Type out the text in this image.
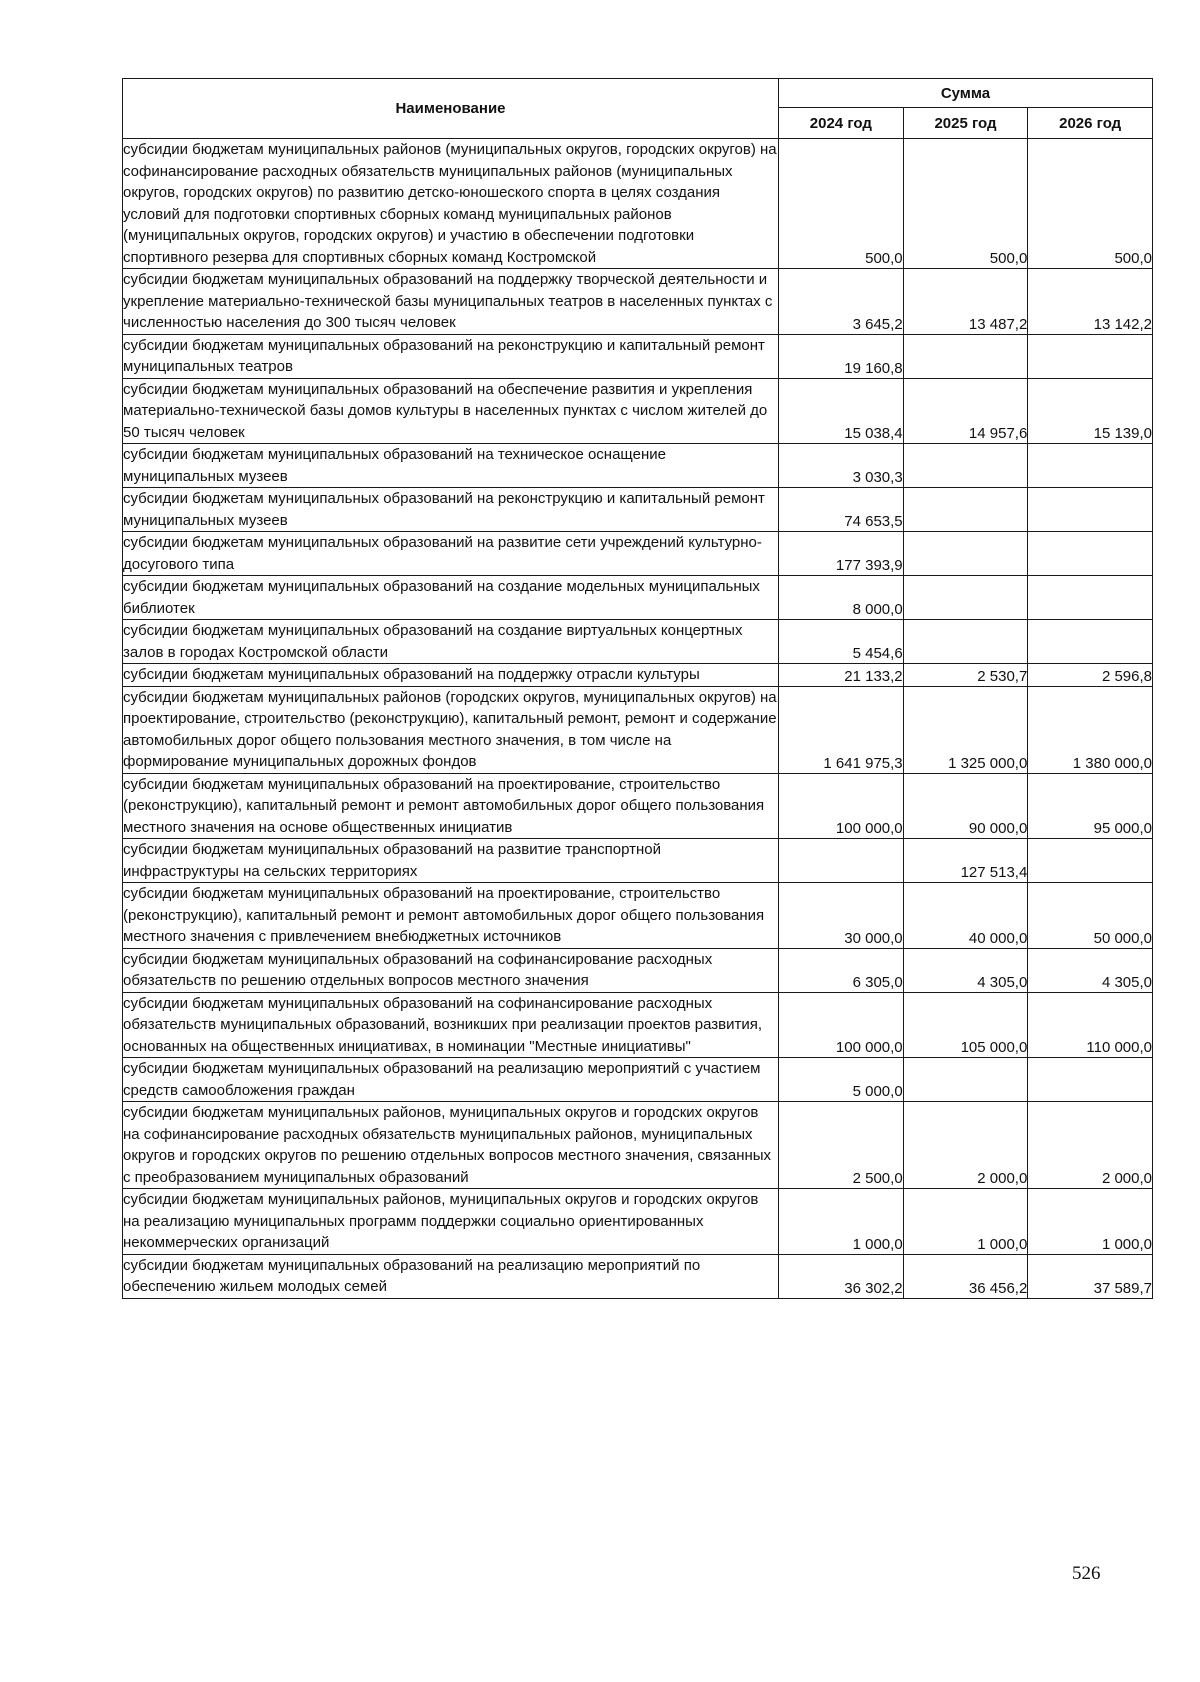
Наименование	Сумма		
	2024 год	2025 год	2026 год
субсидии бюджетам муниципальных районов (муниципальных округов, городских округов) на софинансирование расходных обязательств муниципальных районов (муниципальных округов, городских округов) по развитию детско-юношеского спорта в целях создания условий для подготовки спортивных сборных команд муниципальных районов (муниципальных округов, городских округов) и участию в обеспечении подготовки спортивного резерва для спортивных сборных команд Костромской	500,0	500,0	500,0
субсидии бюджетам муниципальных образований на поддержку творческой деятельности и укрепление материально-технической базы муниципальных театров в населенных пунктах с численностью населения до 300 тысяч человек	3 645,2	13 487,2	13 142,2
субсидии бюджетам муниципальных образований на реконструкцию и капитальный ремонт муниципальных театров	19 160,8		
субсидии бюджетам муниципальных образований на обеспечение развития и укрепления материально-технической базы домов культуры в населенных пунктах с числом жителей до 50 тысяч человек	15 038,4	14 957,6	15 139,0
субсидии бюджетам муниципальных образований на техническое оснащение муниципальных музеев	3 030,3		
субсидии бюджетам муниципальных образований на реконструкцию и капитальный ремонт муниципальных музеев	74 653,5		
субсидии бюджетам муниципальных образований на развитие сети учреждений культурно-досугового типа	177 393,9		
субсидии бюджетам муниципальных образований на создание модельных муниципальных библиотек	8 000,0		
субсидии бюджетам муниципальных образований на создание виртуальных концертных залов в городах Костромской области	5 454,6		
субсидии бюджетам муниципальных образований на поддержку отрасли культуры	21 133,2	2 530,7	2 596,8
субсидии бюджетам муниципальных районов (городских округов, муниципальных округов) на проектирование, строительство (реконструкцию), капитальный ремонт, ремонт и содержание автомобильных дорог общего пользования местного значения, в том числе на формирование муниципальных дорожных фондов	1 641 975,3	1 325 000,0	1 380 000,0
субсидии бюджетам муниципальных образований на проектирование, строительство (реконструкцию), капитальный ремонт и ремонт автомобильных дорог общего пользования местного значения на основе общественных инициатив	100 000,0	90 000,0	95 000,0
субсидии бюджетам муниципальных образований на развитие транспортной инфраструктуры на сельских территориях		127 513,4	
субсидии бюджетам муниципальных образований на проектирование, строительство (реконструкцию), капитальный ремонт и ремонт автомобильных дорог общего пользования местного значения с привлечением внебюджетных источников	30 000,0	40 000,0	50 000,0
субсидии бюджетам муниципальных образований на софинансирование расходных обязательств по решению отдельных вопросов местного значения	6 305,0	4 305,0	4 305,0
субсидии бюджетам муниципальных образований на софинансирование расходных обязательств муниципальных образований, возникших при реализации проектов развития, основанных на общественных инициативах, в номинации "Местные инициативы"	100 000,0	105 000,0	110 000,0
субсидии бюджетам муниципальных образований на реализацию мероприятий с участием средств самообложения граждан	5 000,0		
субсидии бюджетам муниципальных районов, муниципальных округов и городских округов на софинансирование расходных обязательств муниципальных районов, муниципальных округов и городских округов по решению отдельных вопросов местного значения, связанных с преобразованием муниципальных образований	2 500,0	2 000,0	2 000,0
субсидии бюджетам муниципальных районов, муниципальных округов и городских округов на реализацию муниципальных программ поддержки социально ориентированных некоммерческих организаций	1 000,0	1 000,0	1 000,0
субсидии бюджетам муниципальных образований на реализацию мероприятий по обеспечению жильем молодых семей	36 302,2	36 456,2	37 589,7
526
